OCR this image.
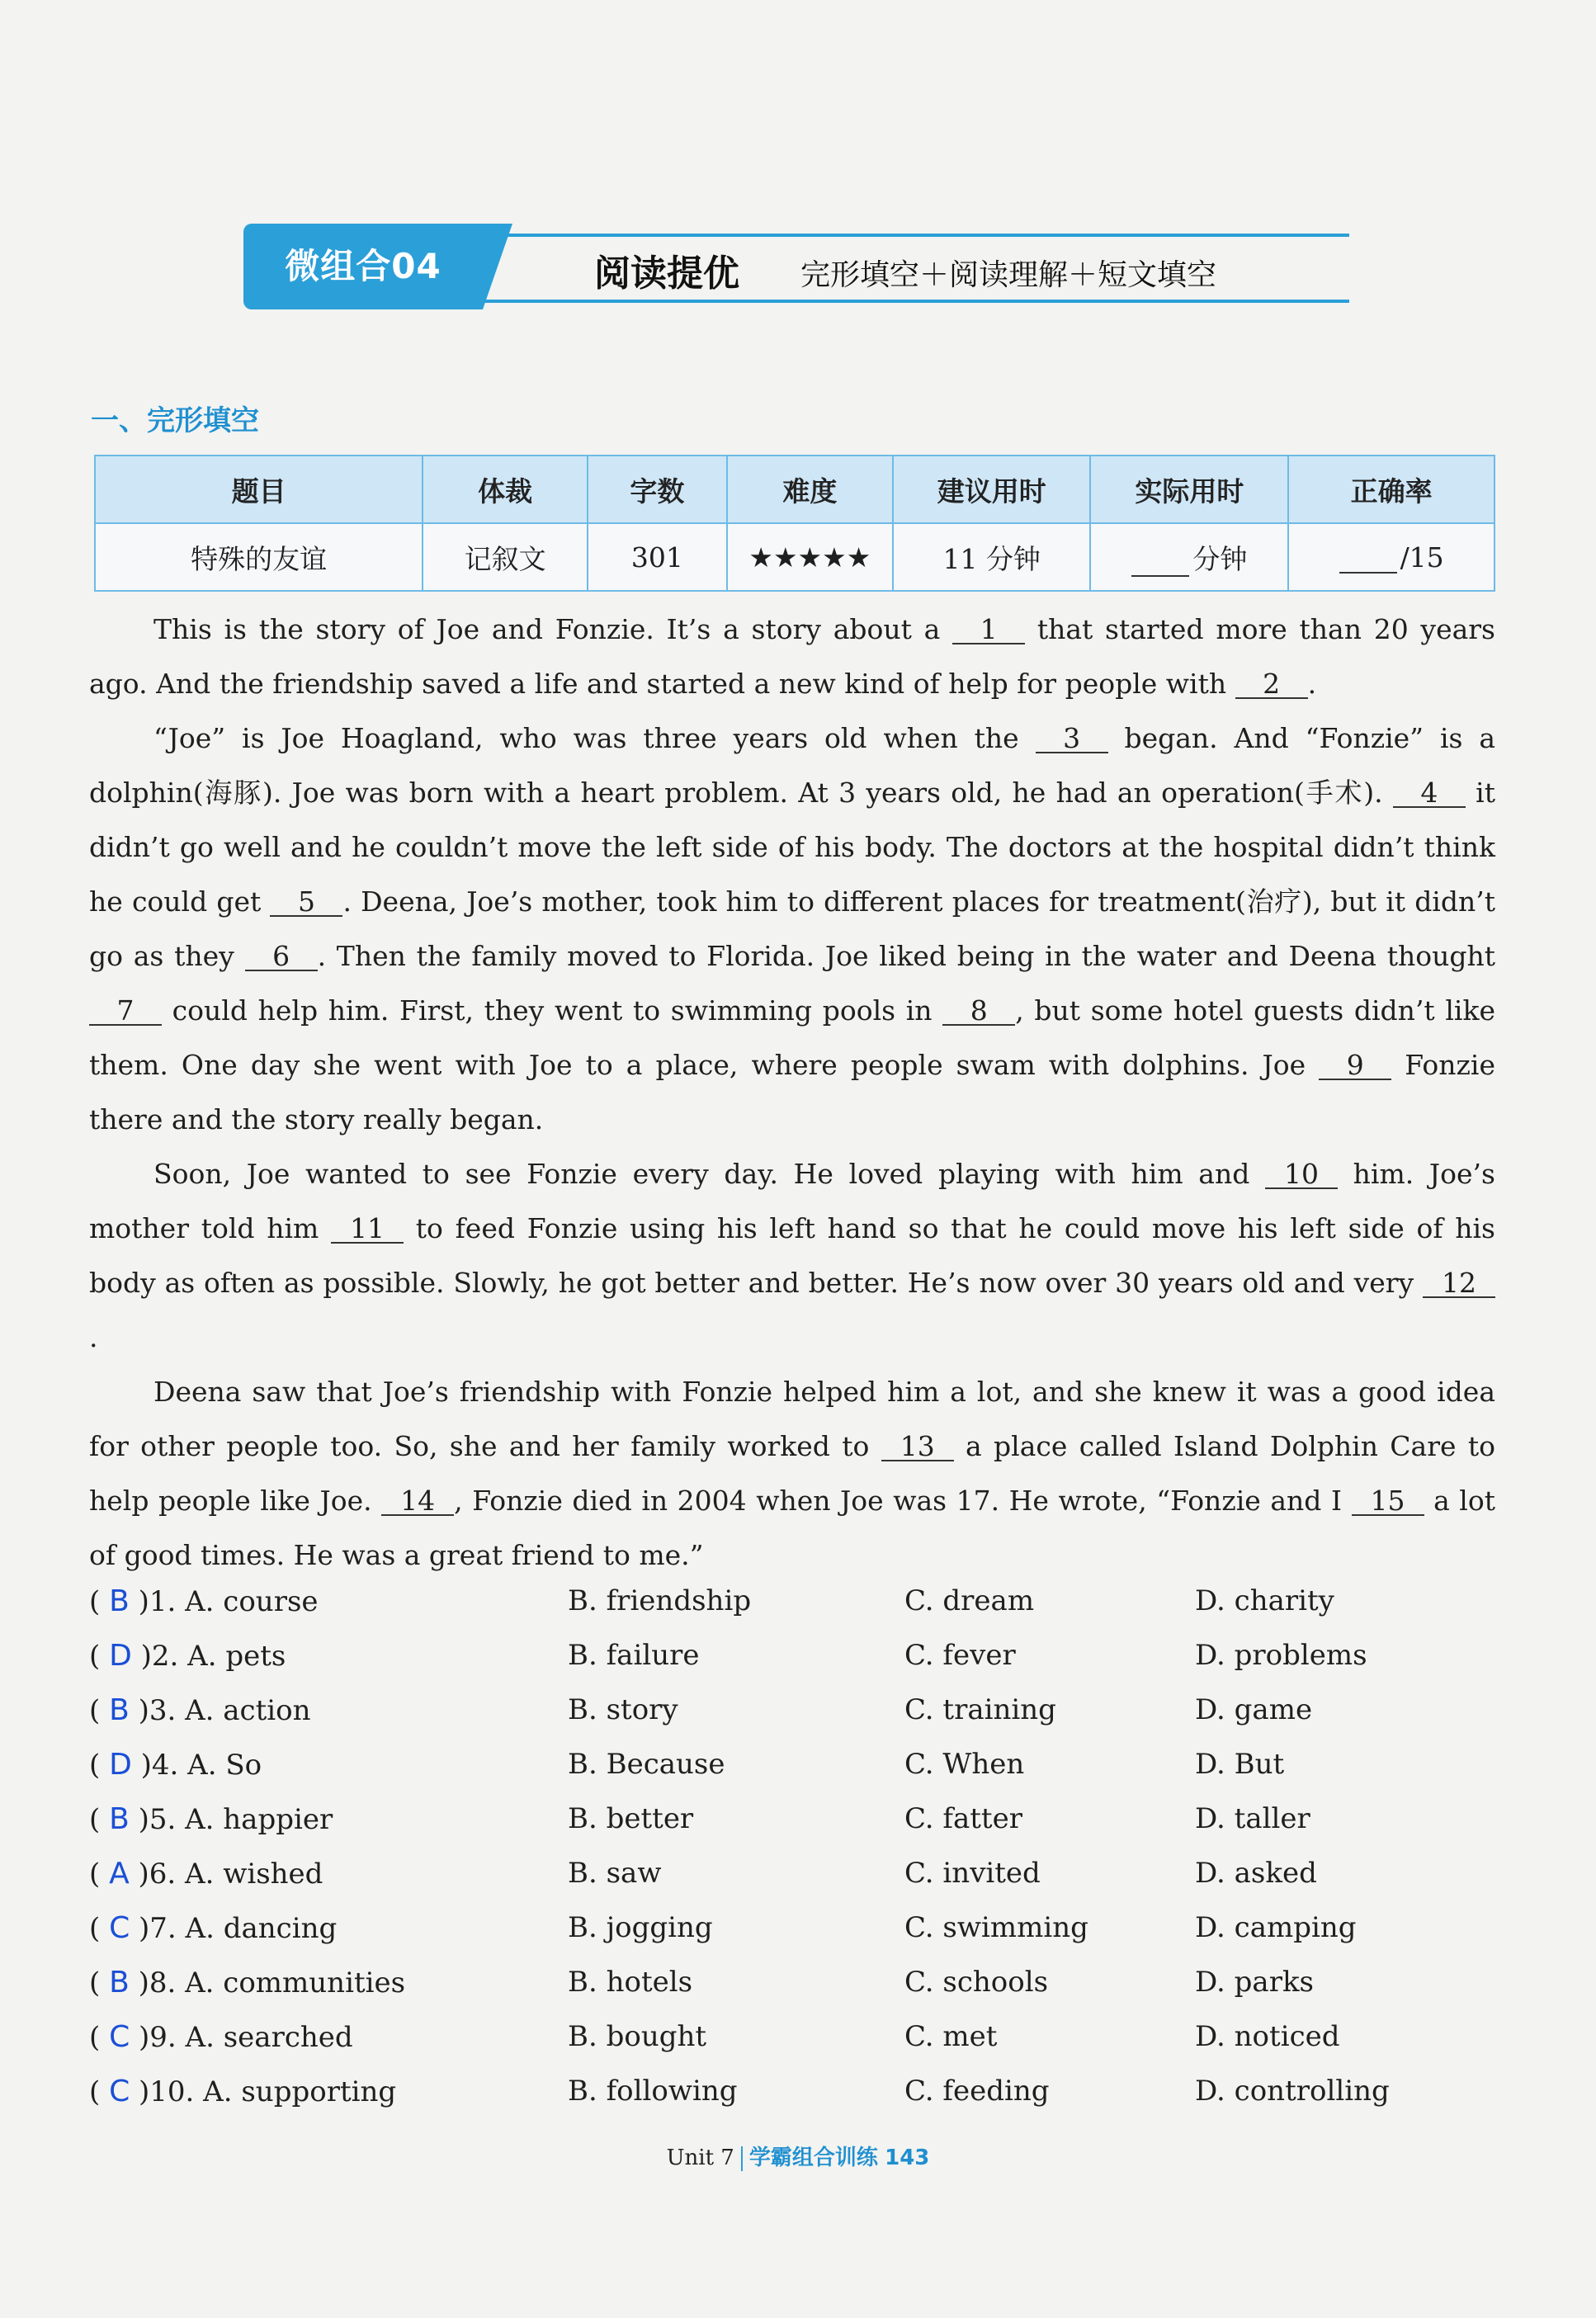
微组合04	阅读提优 完形填空＋阅读理解＋短文填空
一、完形填空
题目	体裁	字数	难度	建议用时	实际用时	正确率
特殊的友谊	记叙文	301	★★★★★	11 分钟	分钟	/15

This is the story of Joe and Fonzie. It’s a story about a 1 that started more than 20 years ago. And the friendship saved a life and started a new kind of help for people with 2 .

“Joe” is Joe Hoagland, who was three years old when the 3 began. And “Fonzie” is a dolphin(海豚). Joe was born with a heart problem. At 3 years old, he had an operation(手术). 4 it didn’t go well and he couldn’t move the left side of his body. The doctors at the hospital didn’t think he could get 5 . Deena, Joe’s mother, took him to different places for treatment(治疗), but it didn’t go as they 6 . Then the family moved to Florida. Joe liked being in the water and Deena thought 7 could help him. First, they went to swimming pools in 8 , but some hotel guests didn’t like them. One day she went with Joe to a place, where people swam with dolphins. Joe 9 Fonzie there and the story really began.

Soon, Joe wanted to see Fonzie every day. He loved playing with him and 10 him. Joe’s mother told him 11 to feed Fonzie using his left hand so that he could move his left side of his body as often as possible. Slowly, he got better and better. He’s now over 30 years old and very 12.

Deena saw that Joe’s friendship with Fonzie helped him a lot, and she knew it was a good idea for other people too. So, she and her family worked to 13 a place called Island Dolphin Care to help people like Joe. 14 , Fonzie died in 2004 when Joe was 17. He wrote, “Fonzie and I 15 a lot of good times. He was a great friend to me.”

( B )1. A. course	B. friendship	C. dream	D. charity
( D )2. A. pets	B. failure	C. fever	D. problems
( B )3. A. action	B. story	C. training	D. game
( D )4. A. So	B. Because	C. When	D. But
( B )5. A. happier	B. better	C. fatter	D. taller
( A )6. A. wished	B. saw	C. invited	D. asked
( C )7. A. dancing	B. jogging	C. swimming	D. camping
( B )8. A. communities	B. hotels	C. schools	D. parks
( C )9. A. searched	B. bought	C. met	D. noticed
( C )10. A. supporting	B. following	C. feeding	D. controlling
Unit 7 学霸组合训练 143
